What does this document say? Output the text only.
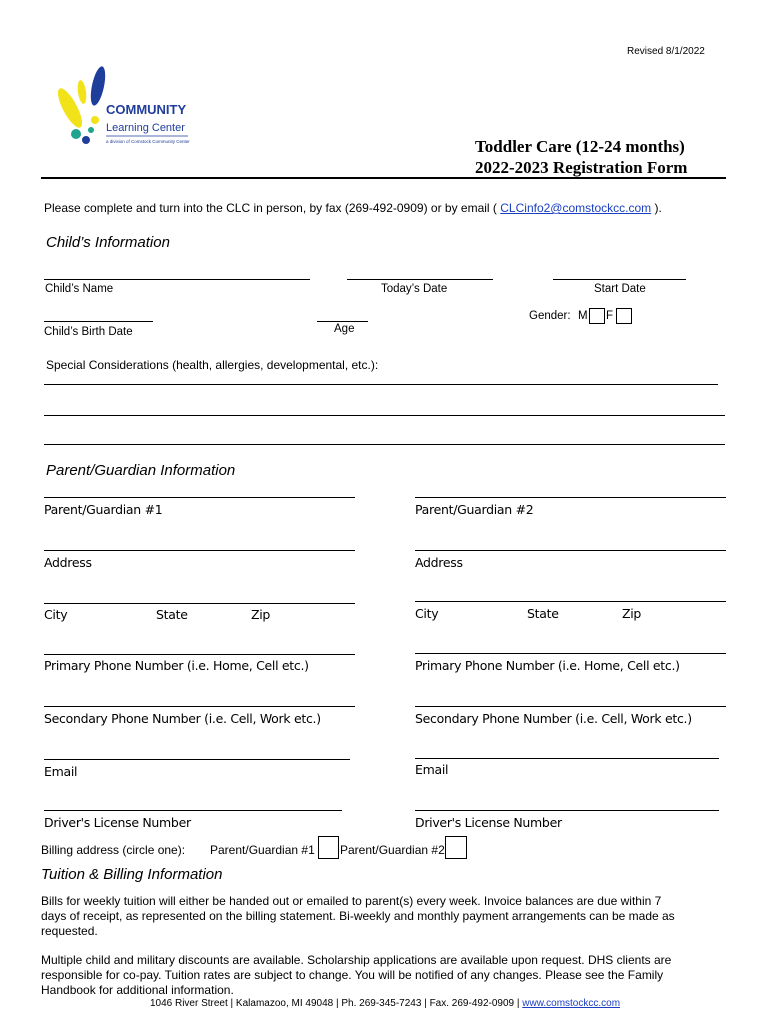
Revised 8/1/2022
COMMUNITY
Learning Center
a division of Comstock Community Center	Toddler Care (12-24 months)
2022-2023 Registration Form
Please complete and turn into the CLC in person, by fax (269-492-0909) or by email ( CLCinfo2@comstockcc.com ).
Child’s Information
Child’s Name	Today’s Date	Start Date
Child’s Birth Date	Age
Gender: M F
Special Considerations (health, allergies, developmental, etc.):
Parent/Guardian Information
Parent/Guardian #1	Parent/Guardian #2
Address	Address
City	State	Zip	City	State	Zip
Primary Phone Number (i.e. Home, Cell etc.)	Primary Phone Number (i.e. Home, Cell etc.)
Secondary Phone Number (i.e. Cell, Work etc.)	Secondary Phone Number (i.e. Cell, Work etc.)
Email	Email
Driver's License Number	Driver's License Number
Billing address (circle one): Parent/Guardian #1 Parent/Guardian #2
Tuition & Billing Information
Bills for weekly tuition will either be handed out or emailed to parent(s) every week. Invoice balances are due within 7
days of receipt, as represented on the billing statement. Bi-weekly and monthly payment arrangements can be made as
requested.
Multiple child and military discounts are available. Scholarship applications are available upon request. DHS clients are
responsible for co-pay. Tuition rates are subject to change. You will be notified of any changes. Please see the Family
Handbook for additional information.
1046 River Street | Kalamazoo, MI 49048 | Ph. 269-345-7243 | Fax. 269-492-0909 | www.comstockcc.com
